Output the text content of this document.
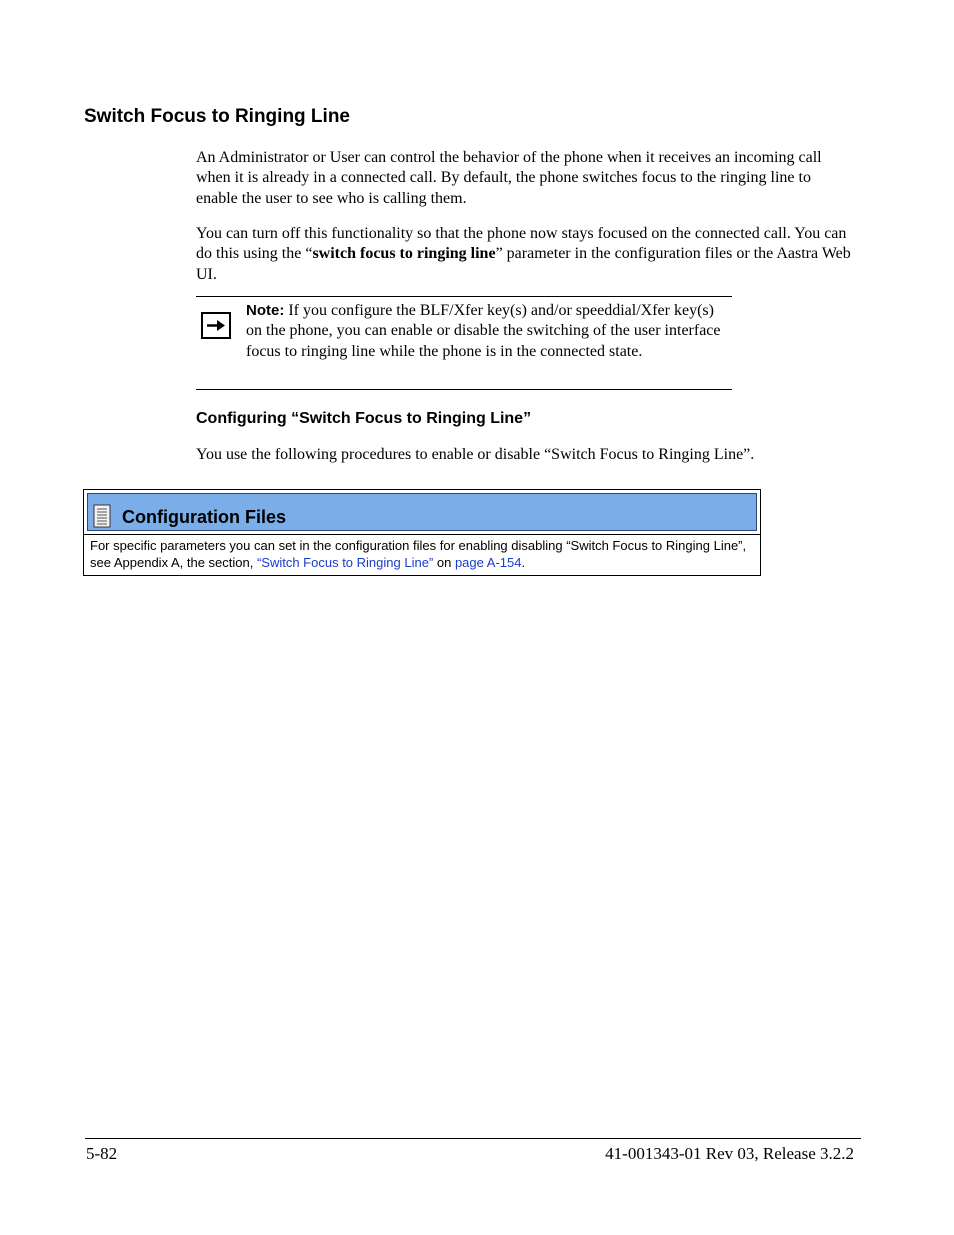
Switch Focus to Ringing Line

An Administrator or User can control the behavior of the phone when it receives an incoming call when it is already in a connected call. By default, the phone switches focus to the ringing line to enable the user to see who is calling them.

You can turn off this functionality so that the phone now stays focused on the connected call. You can do this using the “switch focus to ringing line” parameter in the configuration files or the Aastra Web UI.

Note: If you configure the BLF/Xfer key(s) and/or speeddial/Xfer key(s) on the phone, you can enable or disable the switching of the user interface focus to ringing line while the phone is in the connected state.

Configuring “Switch Focus to Ringing Line”

You use the following procedures to enable or disable “Switch Focus to Ringing Line”.

Configuration Files
For specific parameters you can set in the configuration files for enabling disabling “Switch Focus to Ringing Line”, see Appendix A, the section, “Switch Focus to Ringing Line” on page A-154.
5-82	41-001343-01 Rev 03, Release 3.2.2
